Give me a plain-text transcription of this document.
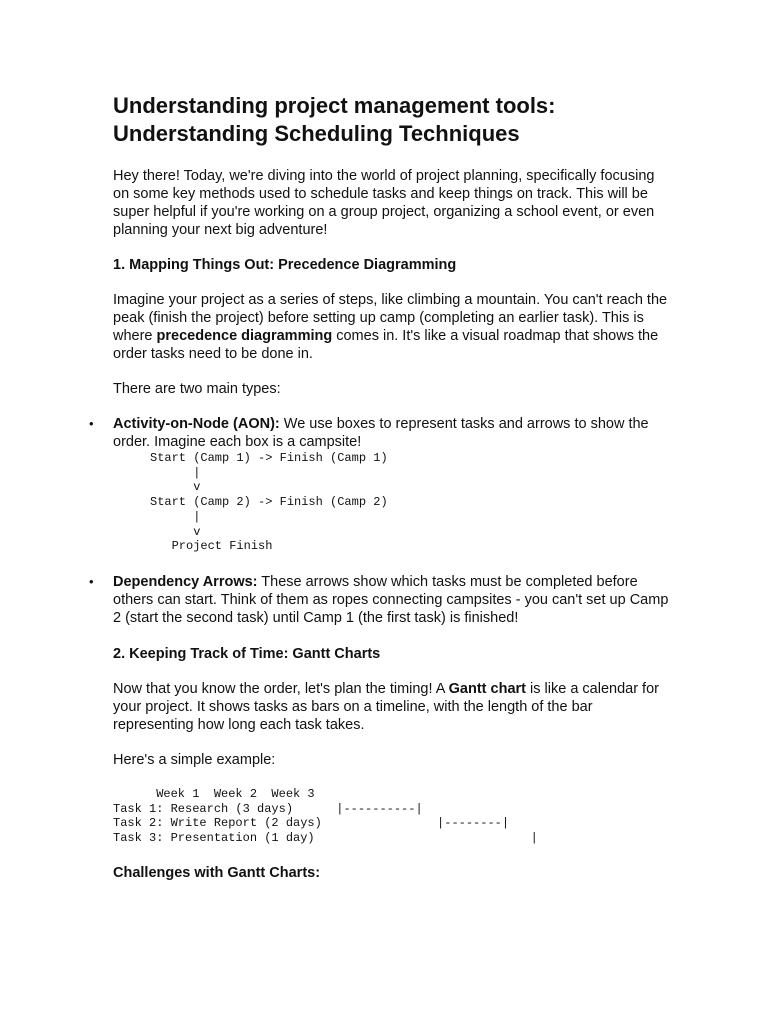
Understanding project management tools:
Understanding Scheduling Techniques

Hey there! Today, we're diving into the world of project planning, specifically focusing on some key methods used to schedule tasks and keep things on track. This will be super helpful if you're working on a group project, organizing a school event, or even planning your next big adventure!

1. Mapping Things Out: Precedence Diagramming

Imagine your project as a series of steps, like climbing a mountain. You can't reach the peak (finish the project) before setting up camp (completing an earlier task). This is where precedence diagramming comes in. It's like a visual roadmap that shows the order tasks need to be done in.

There are two main types:

• Activity-on-Node (AON): We use boxes to represent tasks and arrows to show the order. Imagine each box is a campsite!
Start (Camp 1) -> Finish (Camp 1)
|
v
Start (Camp 2) -> Finish (Camp 2)
|
v
Project Finish
• Dependency Arrows: These arrows show which tasks must be completed before others can start. Think of them as ropes connecting campsites - you can't set up Camp 2 (start the second task) until Camp 1 (the first task) is finished!
2. Keeping Track of Time: Gantt Charts

Now that you know the order, let's plan the timing! A Gantt chart is like a calendar for your project. It shows tasks as bars on a timeline, with the length of the bar representing how long each task takes.

Here's a simple example:

Week 1  Week 2  Week 3
Task 1: Research (3 days)      |----------|
Task 2: Write Report (2 days)                |--------|
Task 3: Presentation (1 day)                              |
Challenges with Gantt Charts:
